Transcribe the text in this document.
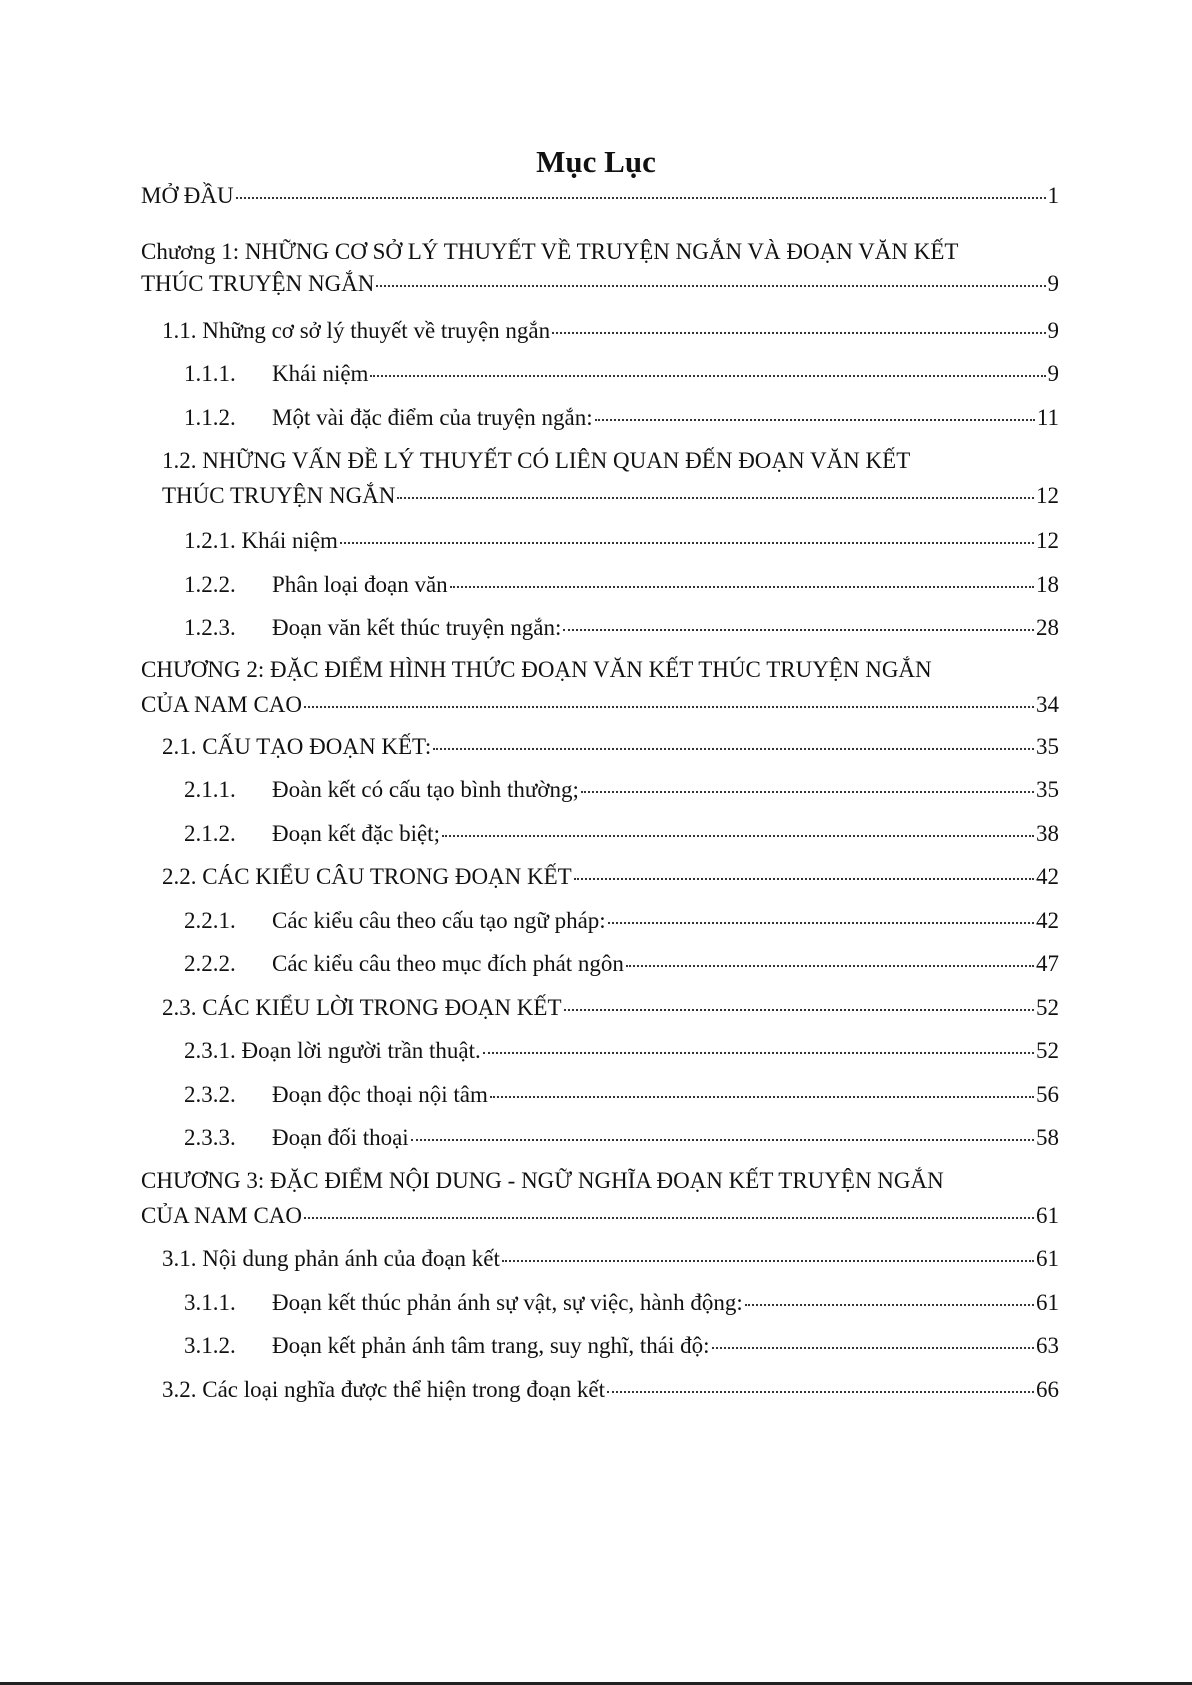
Mục Lục
MỞ ĐẦU	1
Chương 1: NHỮNG CƠ SỞ LÝ THUYẾT VỀ TRUYỆN NGẮN VÀ ĐOẠN VĂN KẾT
THÚC TRUYỆN NGẮN	9
1.1. Những cơ sở lý thuyết về truyện ngắn	9
1.1.1. Khái niệm	9
1.1.2. Một vài đặc điểm của truyện ngắn:	11
1.2. NHỮNG VẤN ĐỀ LÝ THUYẾT CÓ LIÊN QUAN ĐẾN ĐOẠN VĂN KẾT
THÚC TRUYỆN NGẮN	12
1.2.1. Khái niệm	12
1.2.2. Phân loại đoạn văn	18
1.2.3. Đoạn văn kết thúc truyện ngắn:	28
CHƯƠNG 2: ĐẶC ĐIỂM HÌNH THỨC ĐOẠN VĂN KẾT THÚC TRUYỆN NGẮN
CỦA NAM CAO	34
2.1. CẤU TẠO ĐOẠN KẾT:	35
2.1.1. Đoàn kết có cấu tạo bình thường;	35
2.1.2. Đoạn kết đặc biệt;	38
2.2. CÁC KIỂU CÂU TRONG ĐOẠN KẾT	42
2.2.1. Các kiểu câu theo cấu tạo ngữ pháp:	42
2.2.2. Các kiểu câu theo mục đích phát ngôn	47
2.3. CÁC KIỂU LỜI TRONG ĐOẠN KẾT	52
2.3.1. Đoạn lời người trần thuật.	52
2.3.2. Đoạn độc thoại nội tâm	56
2.3.3. Đoạn đối thoại	58
CHƯƠNG 3: ĐẶC ĐIỂM NỘI DUNG - NGỮ NGHĨA ĐOẠN KẾT TRUYỆN NGẮN
CỦA NAM CAO	61
3.1. Nội dung phản ánh của đoạn kết	61
3.1.1. Đoạn kết thúc phản ánh sự vật, sự việc, hành động:	61
3.1.2. Đoạn kết phản ánh tâm trang, suy nghĩ, thái độ:	63
3.2. Các loại nghĩa được thể hiện trong đoạn kết	66
